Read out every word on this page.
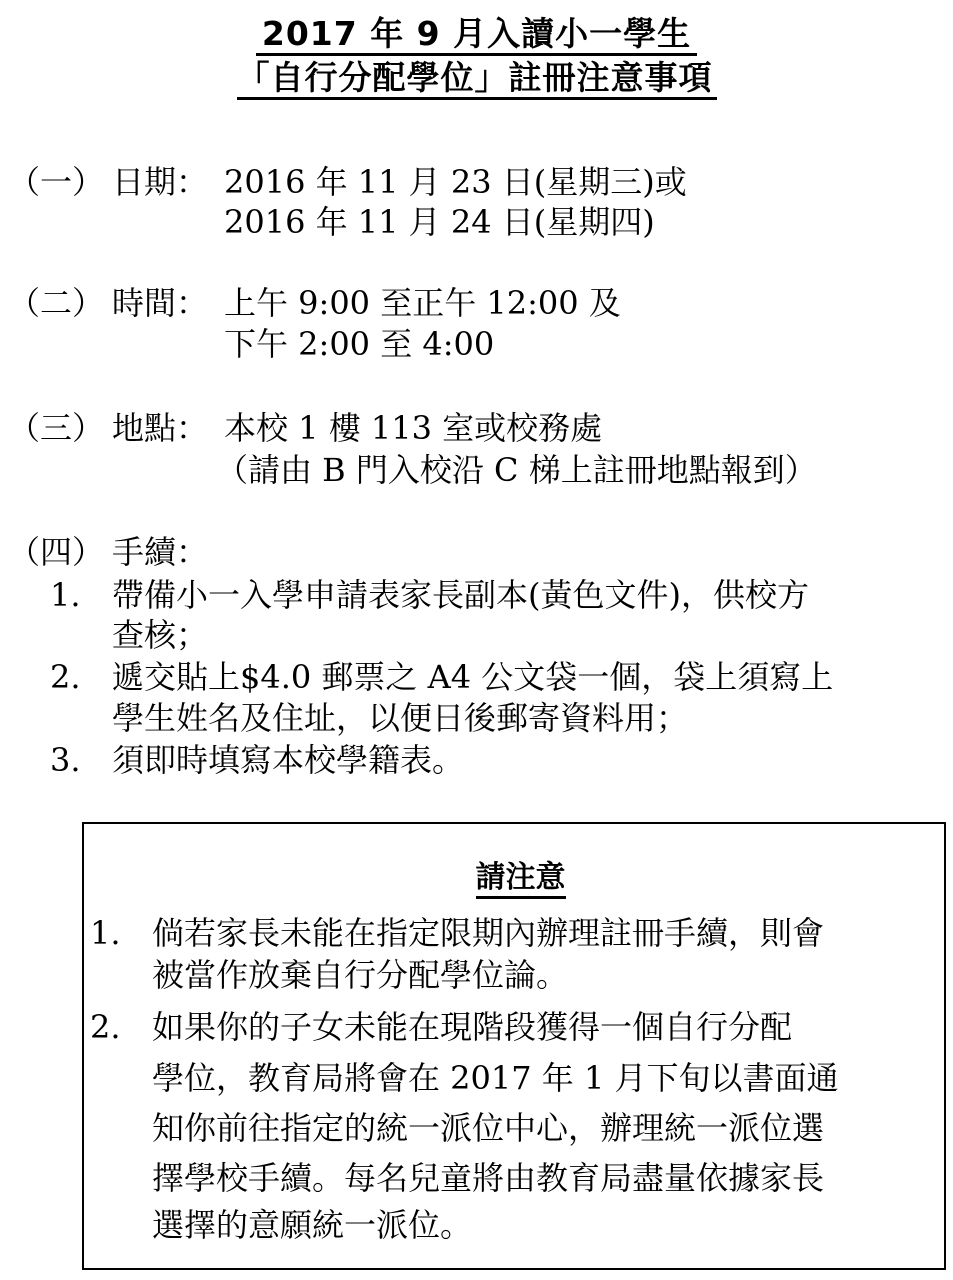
2017 年 9 月入讀小一學生
「自行分配學位」註冊注意事項
（一） 日期： 2016 年 11 月 23 日(星期三)或
2016 年 11 月 24 日(星期四)
（二） 時間： 上午 9:00 至正午 12:00 及
下午 2:00 至 4:00
（三） 地點： 本校 1 樓 113 室或校務處
（請由 B 門入校沿 C 梯上註冊地點報到）
（四） 手續：
1. 帶備小一入學申請表家長副本(黃色文件)，供校方
查核；
2. 遞交貼上$4.0 郵票之 A4 公文袋一個，袋上須寫上
學生姓名及住址，以便日後郵寄資料用；
3. 須即時填寫本校學籍表。
請注意
1. 倘若家長未能在指定限期內辦理註冊手續，則會
被當作放棄自行分配學位論。
2. 如果你的子女未能在現階段獲得一個自行分配
學位，教育局將會在 2017 年 1 月下旬以書面通
知你前往指定的統一派位中心，辦理統一派位選
擇學校手續。每名兒童將由教育局盡量依據家長
選擇的意願統一派位。
